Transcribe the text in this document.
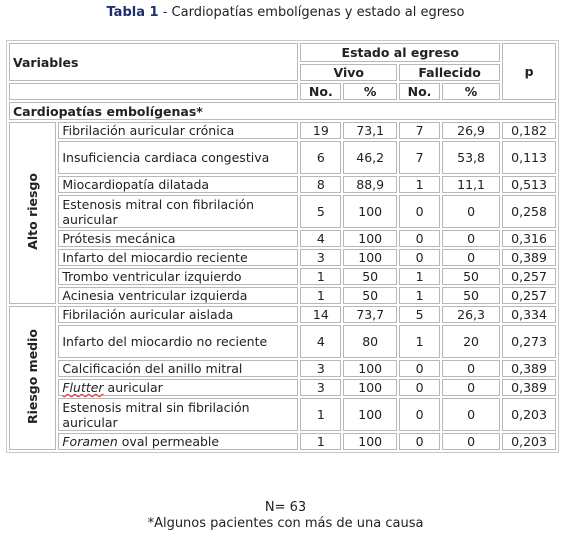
Tabla 1 - Cardiopatías embolígenas y estado al egreso
Variables		Estado al egreso				p
		Vivo		Fallecido		
		No.	%	No.	%	
Cardiopatías embolígenas*						
Alto riesgo	Fibrilación auricular crónica	19	73,1	7	26,9	0,182
	Insuficiencia cardiaca congestiva	6	46,2	7	53,8	0,113
	Miocardiopatía dilatada	8	88,9	1	11,1	0,513
	Estenosis mitral con fibrilación auricular	5	100	0	0	0,258
	Prótesis mecánica	4	100	0	0	0,316
	Infarto del miocardio reciente	3	100	0	0	0,389
	Trombo ventricular izquierdo	1	50	1	50	0,257
	Acinesia ventricular izquierda	1	50	1	50	0,257
Riesgo medio	Fibrilación auricular aislada	14	73,7	5	26,3	0,334
	Infarto del miocardio no reciente	4	80	1	20	0,273
	Calcificación del anillo mitral	3	100	0	0	0,389
	Flutter auricular	3	100	0	0	0,389
	Estenosis mitral sin fibrilación auricular	1	100	0	0	0,203
	Foramen oval permeable	1	100	0	0	0,203
N= 63
*Algunos pacientes con más de una causa
